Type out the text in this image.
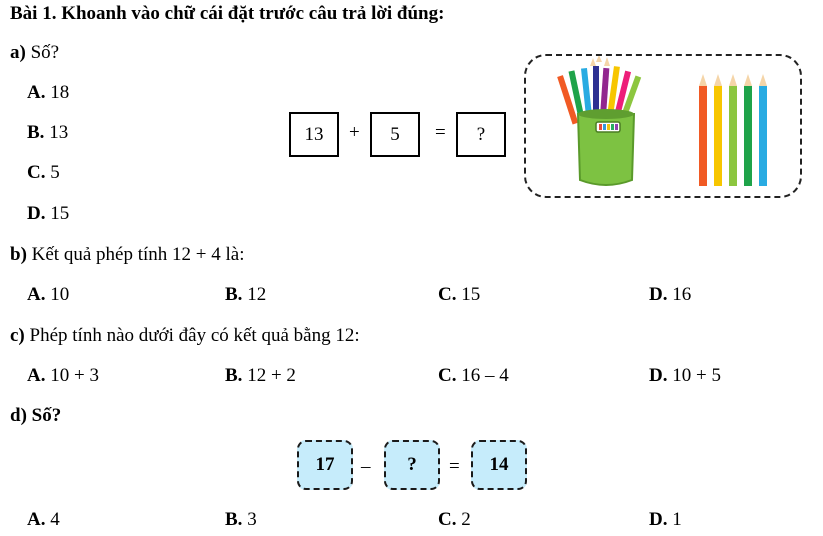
Bài 1. Khoanh vào chữ cái đặt trước câu trả lời đúng:
a) Số?
A. 18
B. 13
C. 5
D. 15
13	+	5	=	?
b) Kết quả phép tính 12 + 4 là:
A. 10	B. 12	C. 15	D. 16
c) Phép tính nào dưới đây có kết quả bằng 12:
A. 10 + 3	B. 12 + 2	C. 16 – 4	D. 10 + 5
d) Số?
17	–	?	=	14
A. 4	B. 3	C. 2	D. 1
